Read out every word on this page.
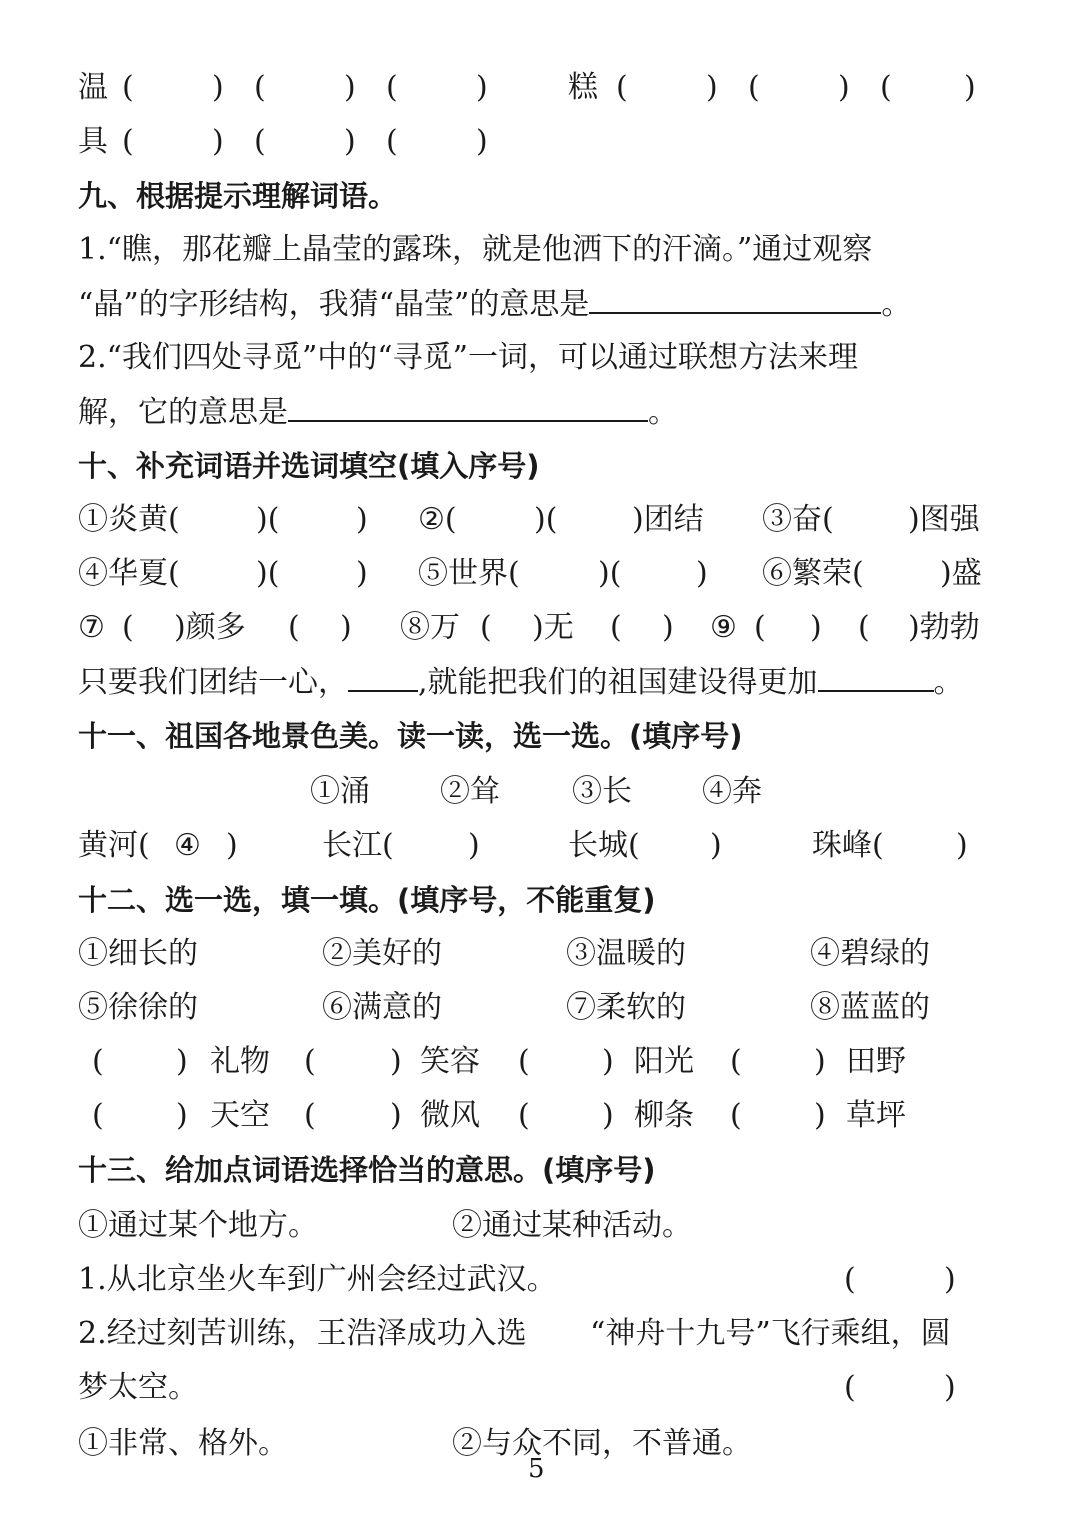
温 (	) (	) (	)	糕 (	) (	) ( )
具 (	) (	) (	)
九、根据提示理解词语。
1.“瞧，那花瓣上晶莹的露珠，就是他洒下的汗滴。”通过观察
“晶”的字形结构，我猜“晶莹”的意思是	。
2.“我们四处寻觅”中的“寻觅”一词，可以通过联想方法来理
解，它的意思是	。
十、补充词语并选词填空(填入序号)
①炎黄(	)(	) ②(	)( )团结 ③奋( )图强
④华夏(	)(	) ⑤世界(	)( ) ⑥繁荣(	)盛
⑦ ( )颜多 ( ) ⑧万 ( )无 ( ) ⑨ ( ) ( )勃勃
只要我们团结一心， ,就能把我们的祖国建设得更加	。
十一、祖国各地景色美。读一读，选一选。(填序号)
①涌 ②耸 ③长 ④奔
黄河( ④ )	长江( )	长城( )	珠峰( )
十二、选一选，填一填。(填序号，不能重复)
①细长的	②美好的	③温暖的	④碧绿的
⑤徐徐的	⑥满意的	⑦柔软的	⑧蓝蓝的
( ) 礼物 ( ) 笑容 ( ) 阳光 ( ) 田野
( ) 天空 ( ) 微风 ( ) 柳条 ( ) 草坪
十三、给加点词语选择恰当的意思。(填序号)
①通过某个地方。	②通过某种活动。
1.从北京坐火车到广州会经过武汉。	(	)
2.经过刻苦训练，王浩泽成功入选 “神舟十九号”飞行乘组，圆
梦太空。	(	)
①非常、格外。	②与众不同，不普通。
5
